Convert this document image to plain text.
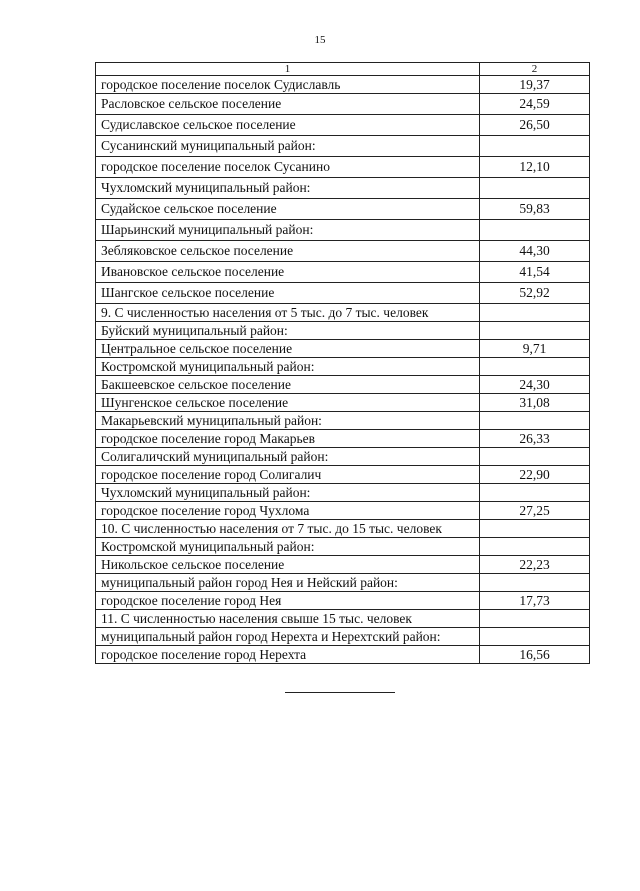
15
1	2
городское поселение поселок Судиславль	19,37
Расловское сельское поселение	24,59
Судиславское сельское поселение	26,50
Сусанинский муниципальный район:	
городское поселение поселок Сусанино	12,10
Чухломский муниципальный район:	
Судайское сельское поселение	59,83
Шарьинский муниципальный район:	
Зебляковское сельское поселение	44,30
Ивановское сельское поселение	41,54
Шангское сельское поселение	52,92
9. С численностью населения от 5 тыс. до 7 тыс. человек	
Буйский муниципальный район:	
Центральное сельское поселение	9,71
Костромской муниципальный район:	
Бакшеевское сельское поселение	24,30
Шунгенское сельское поселение	31,08
Макарьевский муниципальный район:	
городское поселение город Макарьев	26,33
Солигаличский муниципальный район:	
городское поселение город Солигалич	22,90
Чухломский муниципальный район:	
городское поселение город Чухлома	27,25
10. С численностью населения от 7 тыс. до 15 тыс. человек	
Костромской муниципальный район:	
Никольское сельское поселение	22,23
муниципальный район город Нея и Нейский район:	
городское поселение город Нея	17,73
11. С численностью населения свыше 15 тыс. человек	
муниципальный район город Нерехта и Нерехтский район:	
городское поселение город Нерехта	16,56
